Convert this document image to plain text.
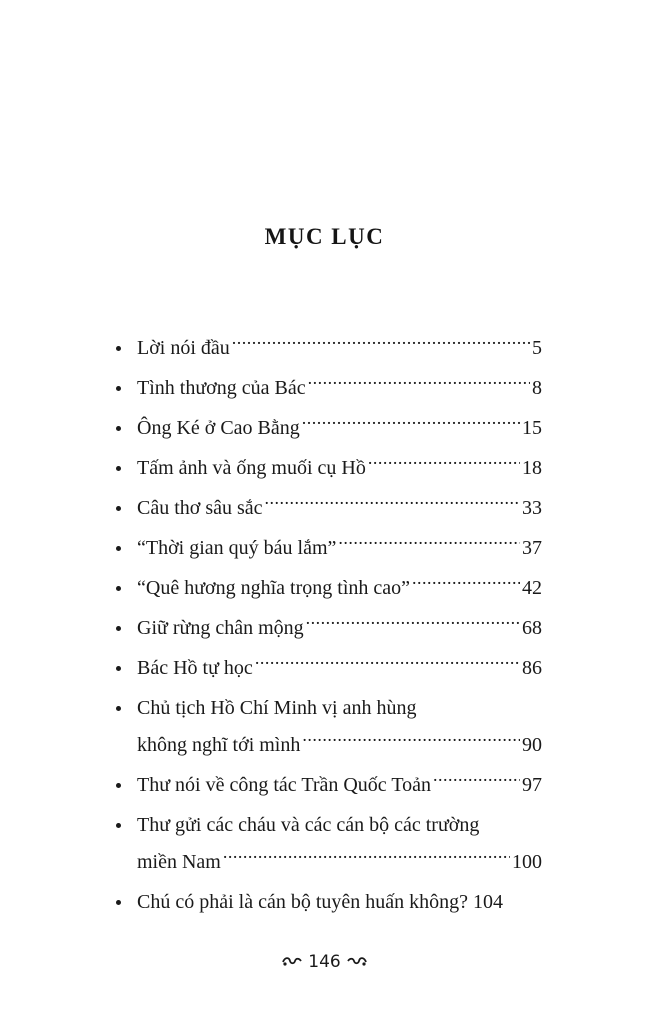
MỤC LỤC
Lời nói đầu .....	5
Tình thương của Bác .....	8
Ông Ké ở Cao Bằng .....	15
Tấm ảnh và ống muối cụ Hồ .....	18
Câu thơ sâu sắc .....	33
“Thời gian quý báu lắm” .....	37
“Quê hương nghĩa trọng tình cao” .....	42
Giữ rừng chân mộng .....	68
Bác Hồ tự học .....	86
Chủ tịch Hồ Chí Minh vị anh hùng
không nghĩ tới mình .....	90
Thư nói về công tác Trần Quốc Toản .....	97
Thư gửi các cháu và các cán bộ các trường
miền Nam .....	100
Chú có phải là cán bộ tuyên huấn không? 104
146
